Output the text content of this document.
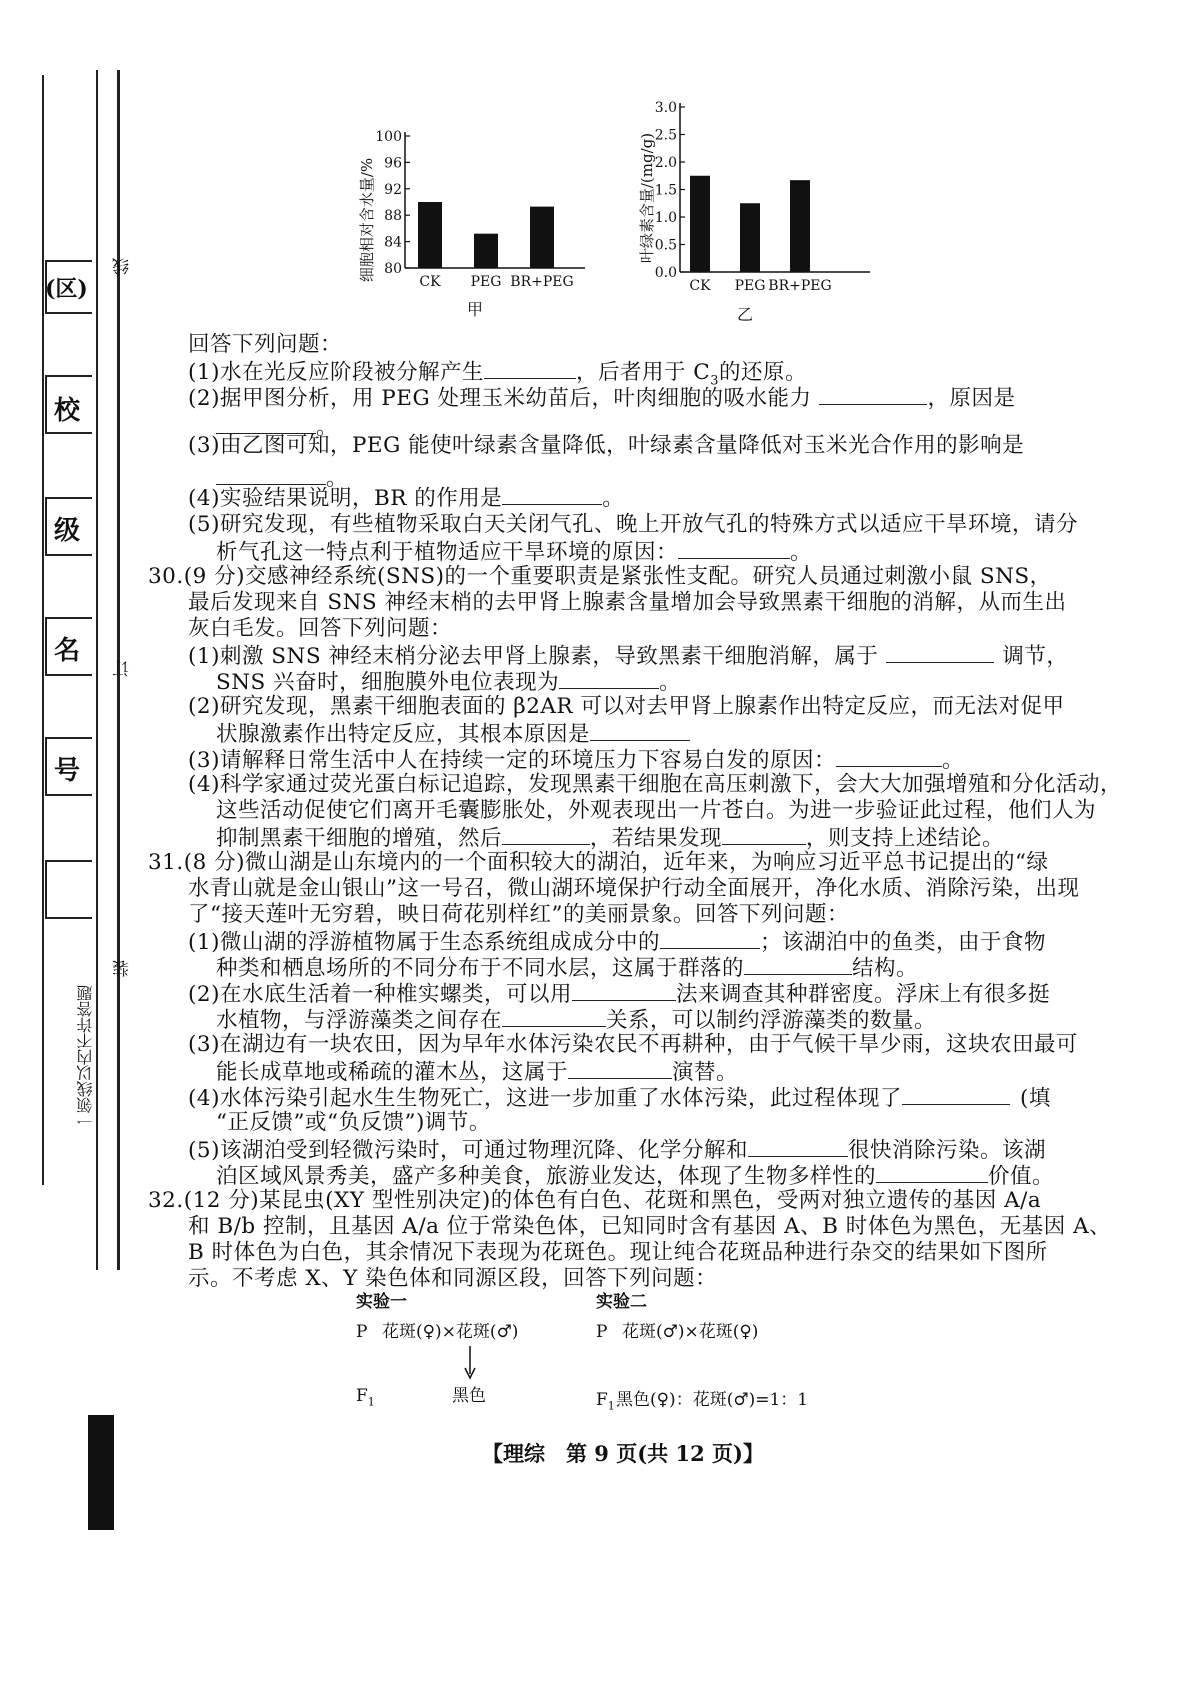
(区)
校
级
名
号
线
订
装
一领线以内不许答题
细胞相对含水量/% 80
84
88
92
96
100
CK PEG BR+PEG
甲
叶绿素含量/(mg/g)
0.0
0.5
1.0
1.5
2.0
2.5
3.0
CK PEG BR+PEG
乙
回答下列问题：
(1)水在光反应阶段被分解产生	，后者用于 $C_3$的还原。
(2)据甲图分析，用 PEG 处理玉米幼苗后，叶肉细胞的吸水能力	，原因是
。
(3)由乙图可知，PEG 能使叶绿素含量降低，叶绿素含量降低对玉米光合作用的影响是
。
(4)实验结果说明，BR 的作用是	。
(5)研究发现，有些植物采取白天关闭气孔、晚上开放气孔的特殊方式以适应干旱环境，请分
析气孔这一特点利于植物适应干旱环境的原因：	。
30.(9 分)交感神经系统(SNS)的一个重要职责是紧张性支配。研究人员通过刺激小鼠 SNS，
最后发现来自 SNS 神经末梢的去甲肾上腺素含量增加会导致黑素干细胞的消解，从而生出
灰白毛发。回答下列问题：
(1)刺激 SNS 神经末梢分泌去甲肾上腺素，导致黑素干细胞消解，属于	调节，
SNS 兴奋时，细胞膜外电位表现为	。
(2)研究发现，黑素干细胞表面的 β2AR 可以对去甲肾上腺素作出特定反应，而无法对促甲
状腺激素作出特定反应，其根本原因是
(3)请解释日常生活中人在持续一定的环境压力下容易白发的原因：	。
(4)科学家通过荧光蛋白标记追踪，发现黑素干细胞在高压刺激下，会大大加强增殖和分化活动，
这些活动促使它们离开毛囊膨胀处，外观表现出一片苍白。为进一步验证此过程，他们人为
抑制黑素干细胞的增殖，然后	，若结果发现	，则支持上述结论。
31.(8 分)微山湖是山东境内的一个面积较大的湖泊，近年来，为响应习近平总书记提出的“绿
水青山就是金山银山”这一号召，微山湖环境保护行动全面展开，净化水质、消除污染，出现
了“接天莲叶无穷碧，映日荷花别样红”的美丽景象。回答下列问题：
(1)微山湖的浮游植物属于生态系统组成成分中的	；该湖泊中的鱼类，由于食物
种类和栖息场所的不同分布于不同水层，这属于群落的	结构。
(2)在水底生活着一种椎实螺类，可以用	法来调查其种群密度。浮床上有很多挺
水植物，与浮游藻类之间存在	关系，可以制约浮游藻类的数量。
(3)在湖边有一块农田，因为早年水体污染农民不再耕种，由于气候干旱少雨，这块农田最可
能长成草地或稀疏的灌木丛，这属于	演替。
(4)水体污染引起水生生物死亡，这进一步加重了水体污染，此过程体现了	(填
“正反馈”或“负反馈”)调节。
(5)该湖泊受到轻微污染时，可通过物理沉降、化学分解和	很快消除污染。该湖
泊区域风景秀美，盛产多种美食，旅游业发达，体现了生物多样性的	价值。
32.(12 分)某昆虫(XY 型性别决定)的体色有白色、花斑和黑色，受两对独立遗传的基因 A/a
和 B/b 控制，且基因 A/a 位于常染色体，已知同时含有基因 A、B 时体色为黑色，无基因 A、
B 时体色为白色，其余情况下表现为花斑色。现让纯合花斑品种进行杂交的结果如下图所
示。不考虑 X、Y 染色体和同源区段，回答下列问题：
实验一	实验二
P 花斑(♀)×花斑(♂)	P 花斑(♂)×花斑(♀)
$F_1$	黑色	$F_1$ 黑色(♀)：花斑(♂)=1：1
【理综　第 9 页(共 12 页)】
